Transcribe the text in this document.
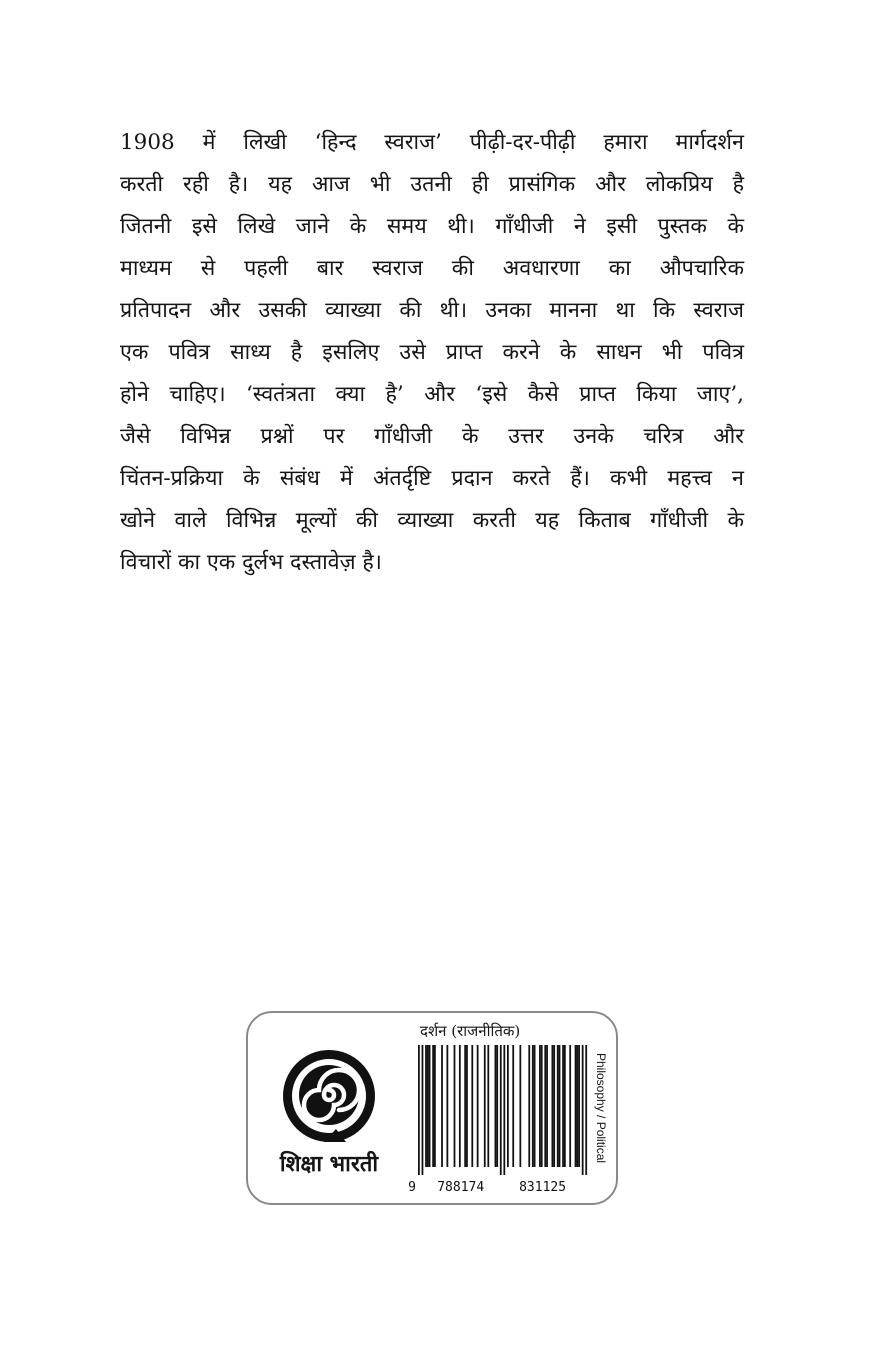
1908 में लिखी ‘हिन्द स्वराज’ पीढ़ी-दर-पीढ़ी हमारा मार्गदर्शन
करती रही है। यह आज भी उतनी ही प्रासंगिक और लोकप्रिय है
जितनी इसे लिखे जाने के समय थी। गाँधीजी ने इसी पुस्तक के
माध्यम से पहली बार स्वराज की अवधारणा का औपचारिक
प्रतिपादन और उसकी व्याख्या की थी। उनका मानना था कि स्वराज
एक पवित्र साध्य है इसलिए उसे प्राप्त करने के साधन भी पवित्र
होने चाहिए। ‘स्वतंत्रता क्या है’ और ‘इसे कैसे प्राप्त किया जाए’,
जैसे विभिन्न प्रश्नों पर गाँधीजी के उत्तर उनके चरित्र और
चिंतन-प्रक्रिया के संबंध में अंतर्दृष्टि प्रदान करते हैं। कभी महत्त्व न
खोने वाले विभिन्न मूल्यों की व्याख्या करती यह किताब गाँधीजी के
विचारों का एक दुर्लभ दस्तावेज़ है।
शिक्षा भारती
दर्शन (राजनीतिक)
9 788174	831125
Philosophy / Political
